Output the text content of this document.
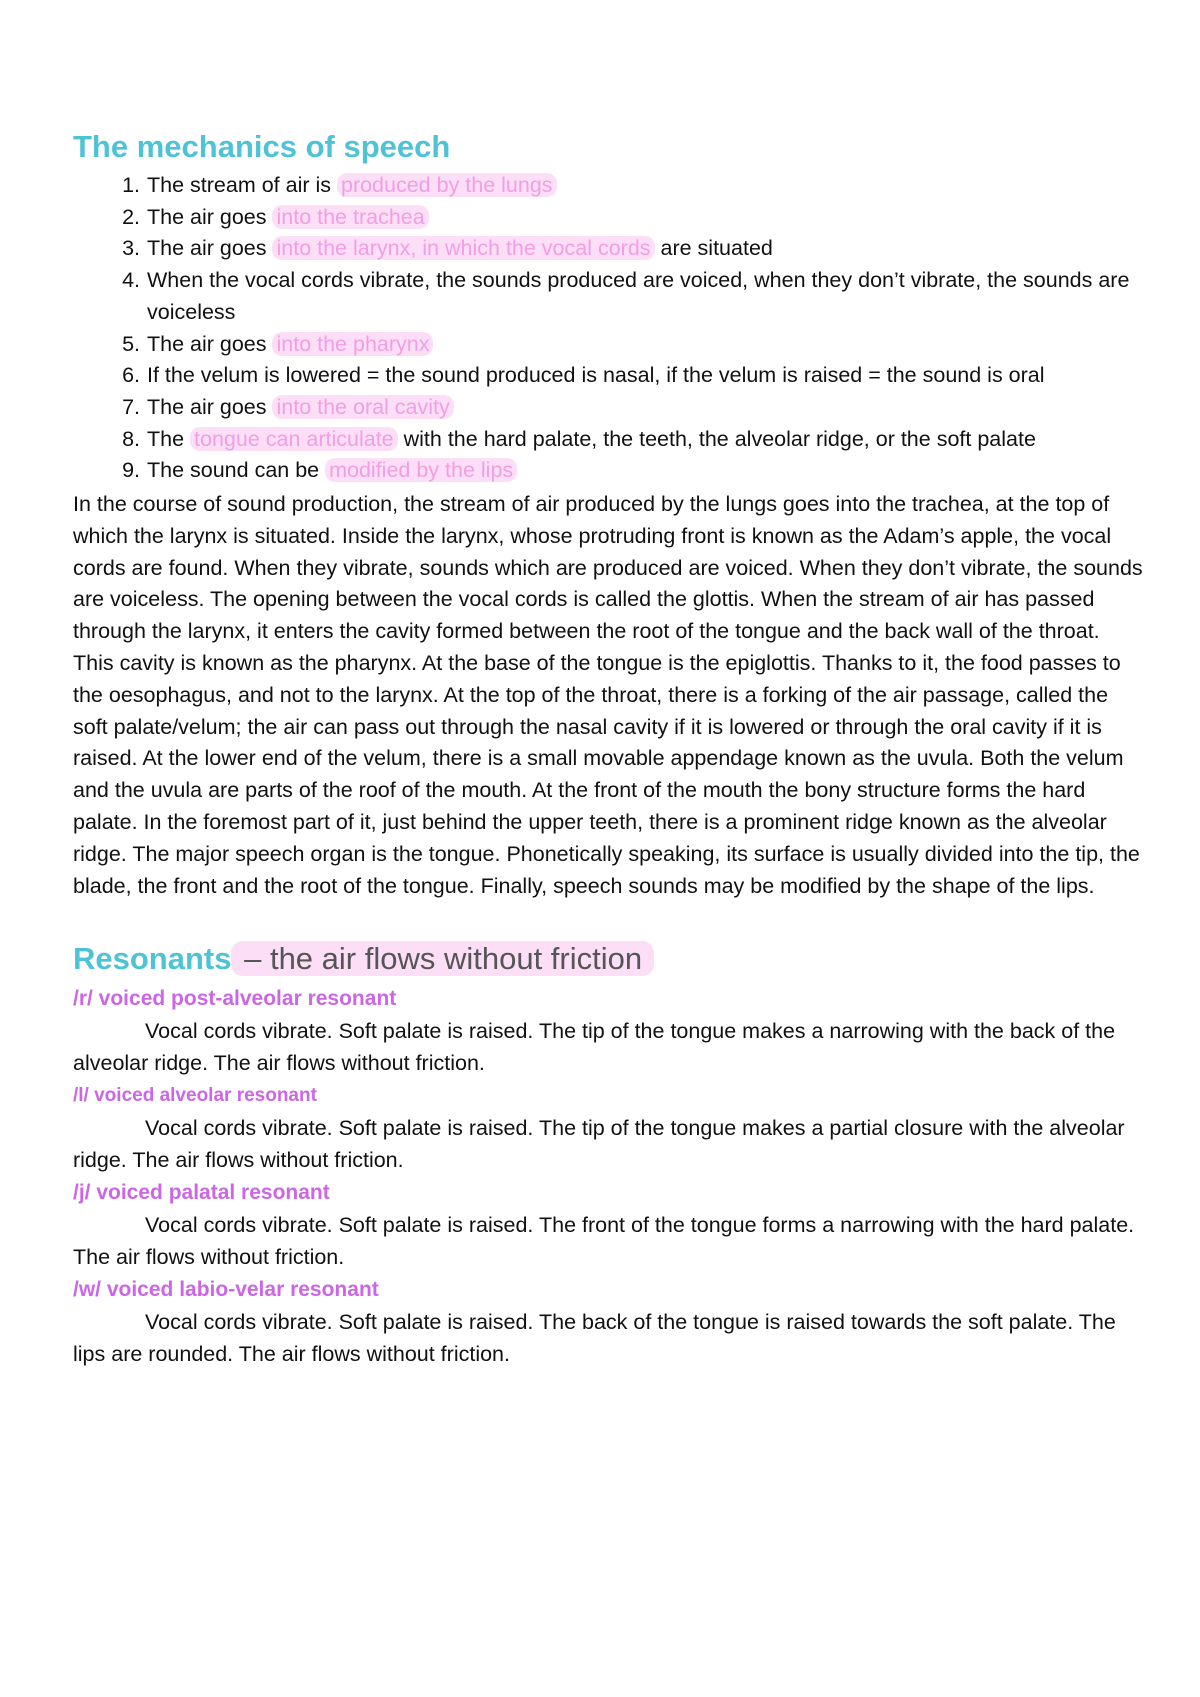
The mechanics of speech
1. The stream of air is produced by the lungs
2. The air goes into the trachea
3. The air goes into the larynx, in which the vocal cords are situated
4. When the vocal cords vibrate, the sounds produced are voiced, when they don’t vibrate, the sounds are voiceless
5. The air goes into the pharynx
6. If the velum is lowered = the sound produced is nasal, if the velum is raised = the sound is oral
7. The air goes into the oral cavity
8. The tongue can articulate with the hard palate, the teeth, the alveolar ridge, or the soft palate
9. The sound can be modified by the lips

In the course of sound production, the stream of air produced by the lungs goes into the trachea, at the top of which the larynx is situated. Inside the larynx, whose protruding front is known as the Adam’s apple, the vocal cords are found. When they vibrate, sounds which are produced are voiced. When they don’t vibrate, the sounds are voiceless. The opening between the vocal cords is called the glottis. When the stream of air has passed through the larynx, it enters the cavity formed between the root of the tongue and the back wall of the throat. This cavity is known as the pharynx. At the base of the tongue is the epiglottis. Thanks to it, the food passes to the oesophagus, and not to the larynx. At the top of the throat, there is a forking of the air passage, called the soft palate/velum; the air can pass out through the nasal cavity if it is lowered or through the oral cavity if it is raised. At the lower end of the velum, there is a small movable appendage known as the uvula. Both the velum and the uvula are parts of the roof of the mouth. At the front of the mouth the bony structure forms the hard palate. In the foremost part of it, just behind the upper teeth, there is a prominent ridge known as the alveolar ridge. The major speech organ is the tongue. Phonetically speaking, its surface is usually divided into the tip, the blade, the front and the root of the tongue. Finally, speech sounds may be modified by the shape of the lips.

Resonants – the air flows without friction
/r/ voiced post-alveolar resonant

Vocal cords vibrate. Soft palate is raised. The tip of the tongue makes a narrowing with the back of the alveolar ridge. The air flows without friction.

/l/ voiced alveolar resonant

Vocal cords vibrate. Soft palate is raised. The tip of the tongue makes a partial closure with the alveolar ridge. The air flows without friction.

/j/ voiced palatal resonant

Vocal cords vibrate. Soft palate is raised. The front of the tongue forms a narrowing with the hard palate. The air flows without friction.

/w/ voiced labio-velar resonant

Vocal cords vibrate. Soft palate is raised. The back of the tongue is raised towards the soft palate. The lips are rounded. The air flows without friction.
